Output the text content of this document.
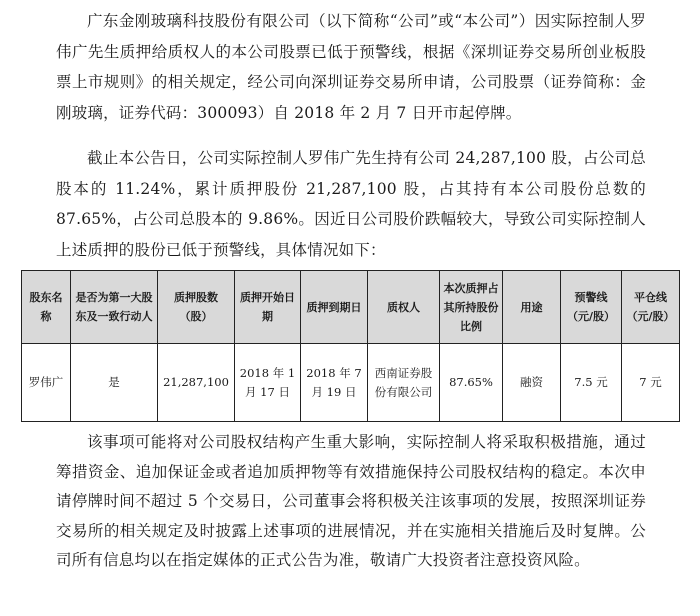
广东金刚玻璃科技股份有限公司（以下简称“公司”或“本公司”）因实际控制人罗伟广先生质押给质权人的本公司股票已低于预警线，根据《深圳证券交易所创业板股票上市规则》的相关规定，经公司向深圳证券交易所申请，公司股票（证券简称：金刚玻璃，证券代码：300093）自 2018 年 2 月 7 日开市起停牌。

截止本公告日，公司实际控制人罗伟广先生持有公司 24,287,100 股，占公司总股本的 11.24%，累计质押股份 21,287,100 股，占其持有本公司股份总数的 87.65%，占公司总股本的 9.86%。因近日公司股价跌幅较大，导致公司实际控制人上述质押的股份已低于预警线，具体情况如下：

股东名称	是否为第一大股东及一致行动人	质押股数（股）	质押开始日期	质押到期日	质权人	本次质押占其所持股份比例	用途	预警线（元/股）	平仓线（元/股）
罗伟广	是	21,287,100	2018 年 1 月 17 日	2018 年 7 月 19 日	西南证券股份有限公司	87.65%	融资	7.5 元	7 元

该事项可能将对公司股权结构产生重大影响，实际控制人将采取积极措施，通过筹措资金、追加保证金或者追加质押物等有效措施保持公司股权结构的稳定。本次申请停牌时间不超过 5 个交易日，公司董事会将积极关注该事项的发展，按照深圳证券交易所的相关规定及时披露上述事项的进展情况，并在实施相关措施后及时复牌。公司所有信息均以在指定媒体的正式公告为准，敬请广大投资者注意投资风险。
